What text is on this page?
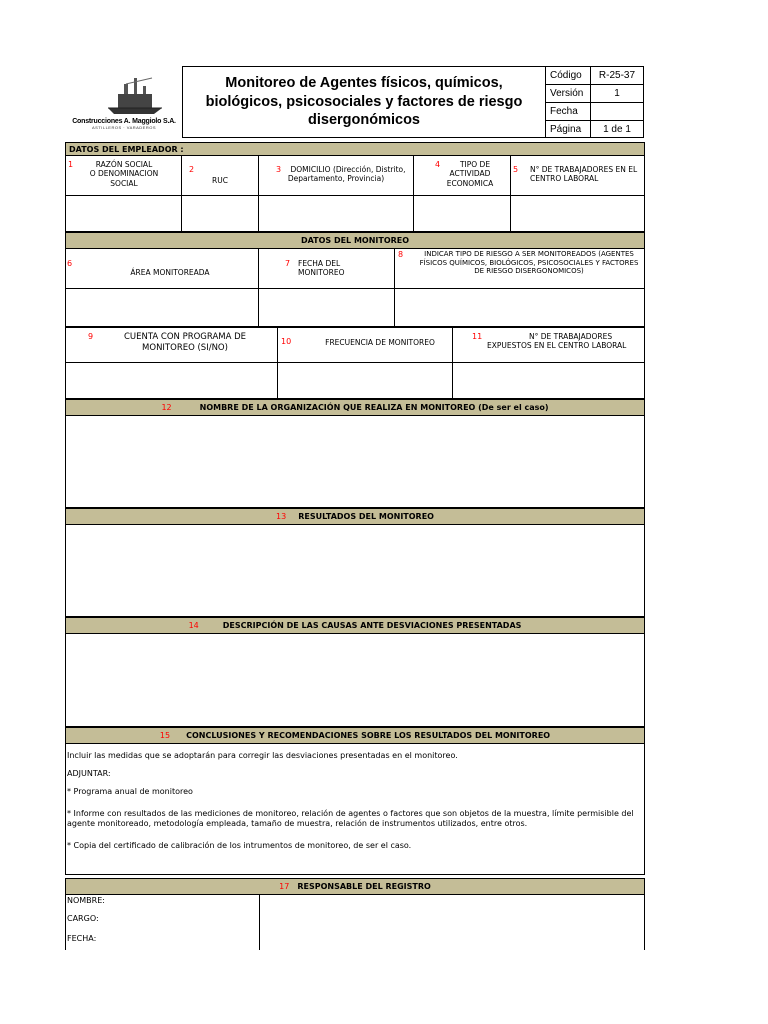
Construcciones A. Maggiolo S.A.
ASTILLEROS · VARADEROS
Monitoreo de Agentes físicos, químicos, biológicos, psicosociales y factores de riesgo disergonómicos
Código	R-25-37
Versión	1
Fecha
Página	1 de 1
DATOS DEL EMPLEADOR :
1	RAZÓN SOCIAL
O DENOMINACION
SOCIAL
2
RUC
3	DOMICILIO (Dirección, Distrito, Departamento, Provincia)
4	TIPO DE ACTIVIDAD ECONOMICA
5 N° DE TRABAJADORES EN EL CENTRO LABORAL
DATOS DEL MONITOREO
6
ÁREA MONITOREADA
7 FECHA DEL MONITOREO
8	INDICAR TIPO DE RIESGO A SER MONITOREADOS (AGENTES FÍSICOS QUÍMICOS, BIOLÓGICOS, PSICOSOCIALES Y FACTORES DE RIESGO DISERGONOMICOS)
9	CUENTA CON PROGRAMA DE MONITOREO (SI/NO)
10	FRECUENCIA DE MONITOREO
11	N° DE TRABAJADORES EXPUESTOS EN EL CENTRO LABORAL
12	NOMBRE DE LA ORGANIZACIÓN QUE REALIZA EN MONITOREO (De ser el caso)
13 RESULTADOS DEL MONITOREO
14	DESCRIPCIÓN DE LAS CAUSAS ANTE DESVIACIONES PRESENTADAS
15 CONCLUSIONES Y RECOMENDACIONES SOBRE LOS RESULTADOS DEL MONITOREO
Incluir las medidas que se adoptarán para corregir las desviaciones presentadas en el monitoreo.
ADJUNTAR:
* Programa anual de monitoreo
* Informe con resultados de las mediciones de monitoreo, relación de agentes o factores que son objetos de la muestra, límite permisible del agente monitoreado, metodología empleada, tamaño de muestra, relación de instrumentos utilizados, entre otros.
* Copia del certificado de calibración de los intrumentos de monitoreo, de ser el caso.
17 RESPONSABLE DEL REGISTRO
NOMBRE:
CARGO:
FECHA:
